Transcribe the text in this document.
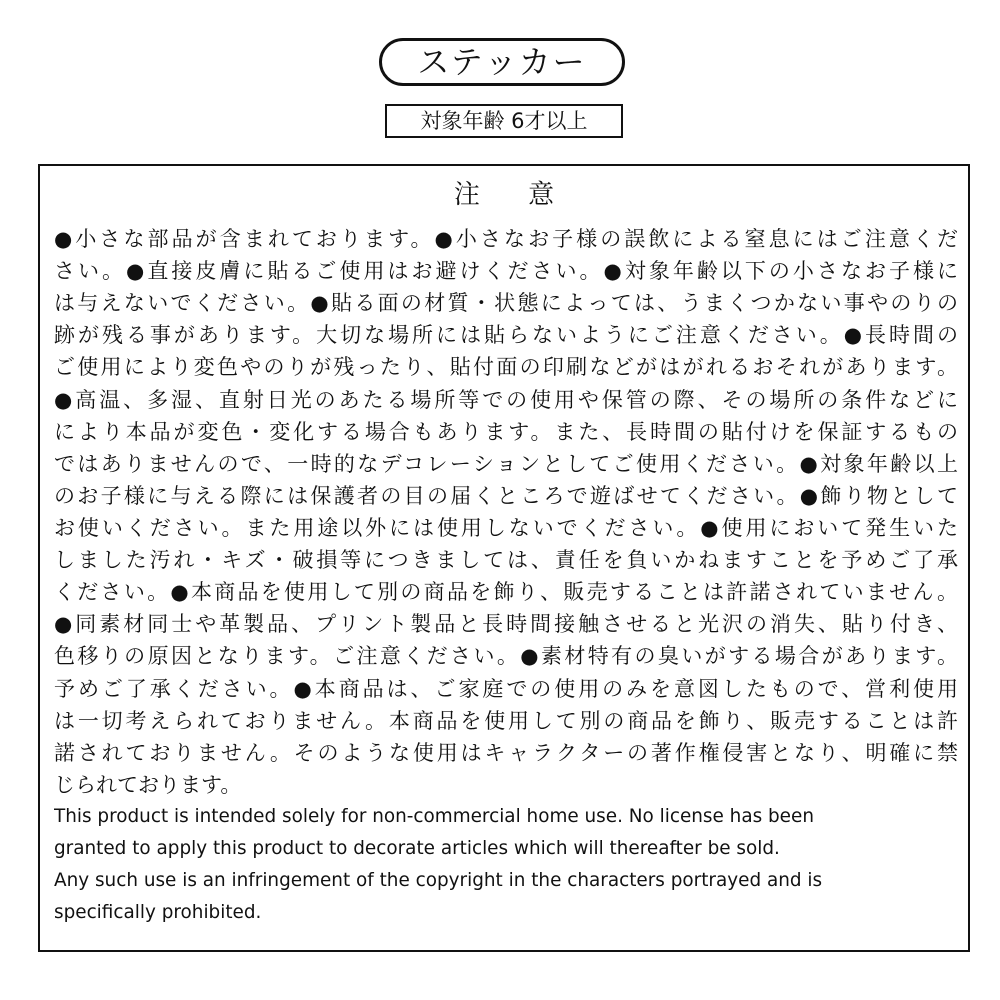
ステッカー
対象年齢 6才以上
注 意
●小さな部品が含まれております。●小さなお子様の誤飲による窒息にはご注意くだ
さい。●直接皮膚に貼るご使用はお避けください。●対象年齢以下の小さなお子様に
は与えないでください。●貼る面の材質・状態によっては、うまくつかない事やのりの
跡が残る事があります。大切な場所には貼らないようにご注意ください。●長時間の
ご使用により変色やのりが残ったり、貼付面の印刷などがはがれるおそれがあります。
●高温、多湿、直射日光のあたる場所等での使用や保管の際、その場所の条件などに
により本品が変色・変化する場合もあります。また、長時間の貼付けを保証するもの
ではありませんので、一時的なデコレーションとしてご使用ください。●対象年齢以上
のお子様に与える際には保護者の目の届くところで遊ばせてください。●飾り物として
お使いください。また用途以外には使用しないでください。●使用において発生いた
しました汚れ・キズ・破損等につきましては、責任を負いかねますことを予めご了承
ください。●本商品を使用して別の商品を飾り、販売することは許諾されていません。
●同素材同士や革製品、プリント製品と長時間接触させると光沢の消失、貼り付き、
色移りの原因となります。ご注意ください。●素材特有の臭いがする場合があります。
予めご了承ください。●本商品は、ご家庭での使用のみを意図したもので、営利使用
は一切考えられておりません。本商品を使用して別の商品を飾り、販売することは許
諾されておりません。そのような使用はキャラクターの著作権侵害となり、明確に禁
じられております。
This product is intended solely for non-commercial home use. No license has been
granted to apply this product to decorate articles which will thereafter be sold.
Any such use is an infringement of the copyright in the characters portrayed and is
specifically prohibited.
